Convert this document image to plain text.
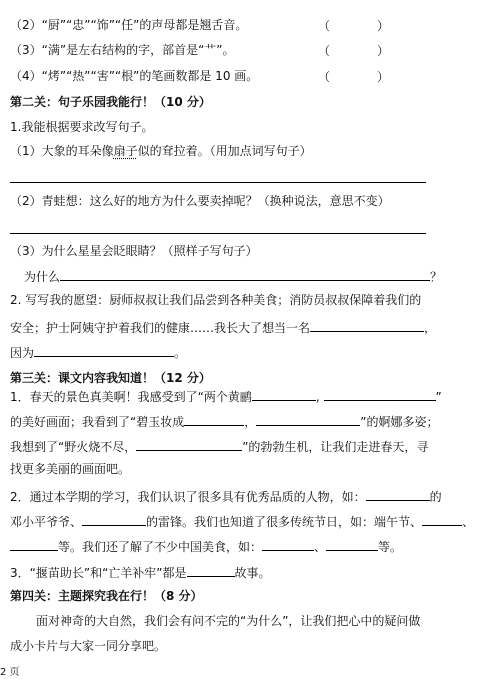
（2）“厨”“忠”“饰”“任”的声母都是翘舌音。	（	）
（3）“满”是左右结构的字，部首是“艹”。	（	）
（4）“烤”“热”“害”“根”的笔画数都是 10 画。	（	）
第二关：句子乐园我能行！（10 分）
1.我能根据要求改写句子。
（1）大象的耳朵像扇子似的耷拉着。（用加点词写句子）
（2）青蛙想：这么好的地方为什么要卖掉呢？（换种说法，意思不变）
（3）为什么星星会眨眼睛？（照样子写句子）
为什么	？
2. 写写我的愿望：厨师叔叔让我们品尝到各种美食；消防员叔叔保障着我们的
安全；护士阿姨守护着我们的健康……我长大了想当一名	，
因为	。
第三关：课文内容我知道！（12 分）
1．春天的景色真美啊！我感受到了“两个黄鹂	,	”
的美好画面；我看到了“碧玉妆成	，	”的婀娜多姿；
我想到了“野火烧不尽，	”的勃勃生机，让我们走进春天，寻
找更多美丽的画面吧。
2．通过本学期的学习，我们认识了很多具有优秀品质的人物，如：	的
邓小平爷爷、	的雷锋。我们也知道了很多传统节日，如：端午节、	、
等。我们还了解了不少中国美食，如：	、	等。
3．“揠苗助长”和“亡羊补牢”都是	故事。
第四关：主题探究我在行！（8 分）
面对神奇的大自然，我们会有问不完的“为什么”，让我们把心中的疑问做
成小卡片与大家一同分享吧。
2 页
